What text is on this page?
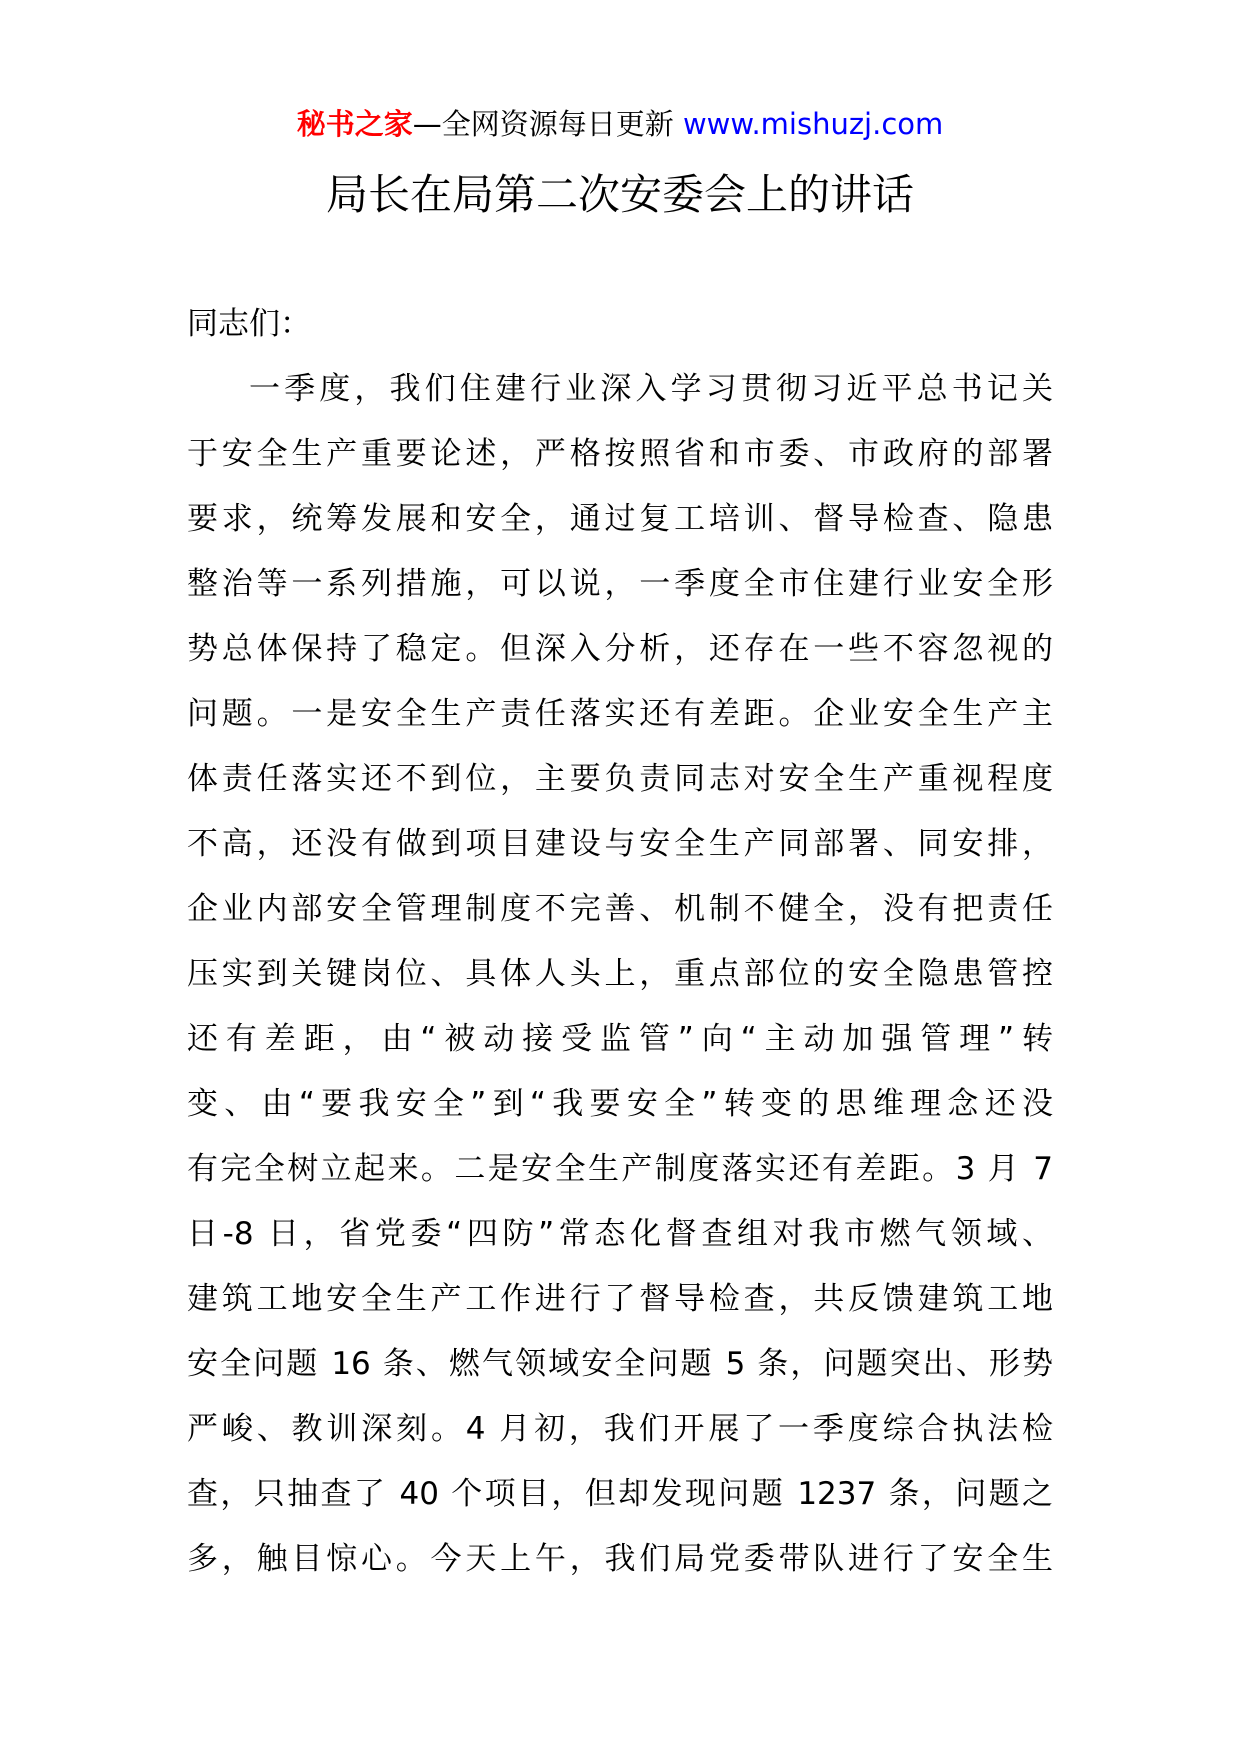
秘书之家—全网资源每日更新 www.mishuzj.com
局长在局第二次安委会上的讲话

同志们：

一季度，我们住建行业深入学习贯彻习近平总书记关
于安全生产重要论述，严格按照省和市委、市政府的部署
要求，统筹发展和安全，通过复工培训、督导检查、隐患
整治等一系列措施，可以说，一季度全市住建行业安全形
势总体保持了稳定。但深入分析，还存在一些不容忽视的
问题。一是安全生产责任落实还有差距。企业安全生产主
体责任落实还不到位，主要负责同志对安全生产重视程度
不高，还没有做到项目建设与安全生产同部署、同安排，
企业内部安全管理制度不完善、机制不健全，没有把责任
压实到关键岗位、具体人头上，重点部位的安全隐患管控
还有差距，由“被动接受监管”向“主动加强管理”转
变、由“要我安全”到“我要安全”转变的思维理念还没
有完全树立起来。二是安全生产制度落实还有差距。3 月 7
日-8 日，省党委“四防”常态化督查组对我市燃气领域、
建筑工地安全生产工作进行了督导检查，共反馈建筑工地
安全问题 16 条、燃气领域安全问题 5 条，问题突出、形势
严峻、教训深刻。4 月初，我们开展了一季度综合执法检
查，只抽查了 40 个项目，但却发现问题 1237 条，问题之
多，触目惊心。今天上午，我们局党委带队进行了安全生
